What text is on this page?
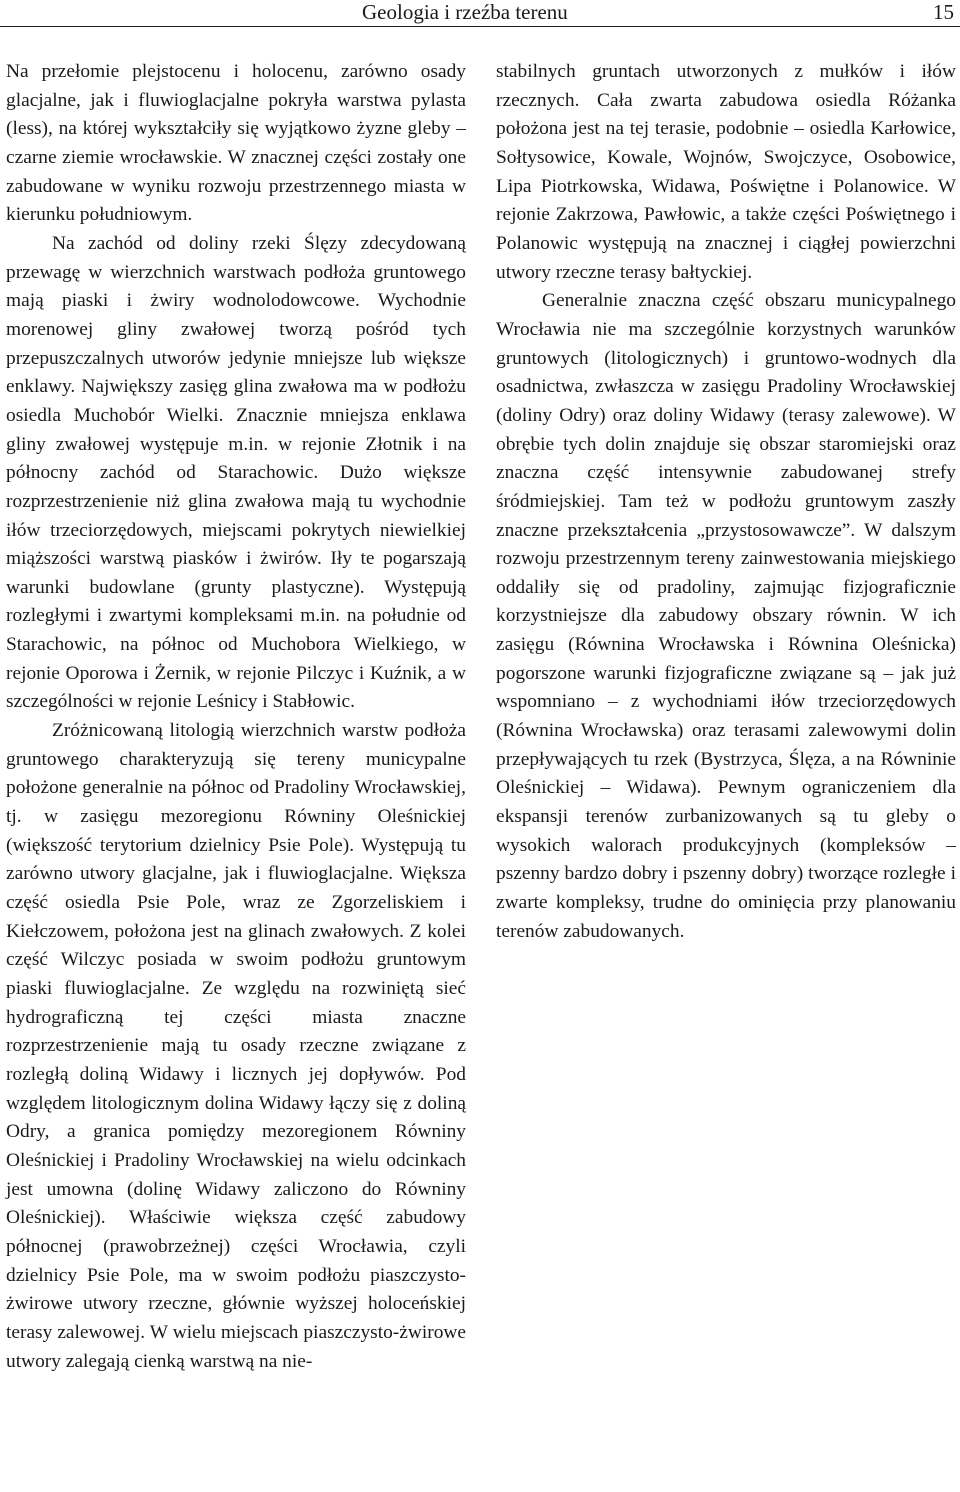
Geologia i rzeźba terenu	15

Na przełomie plejstocenu i holocenu, zarówno osady glacjalne, jak i fluwioglacjalne pokryła warstwa pylasta (less), na której wykształciły się wyjątkowo żyzne gleby – czarne ziemie wrocławskie. W znacznej części zostały one zabudowane w wyniku rozwoju przestrzennego miasta w kierunku południowym.

Na zachód od doliny rzeki Ślęzy zdecydowaną przewagę w wierzchnich warstwach podłoża gruntowego mają piaski i żwiry wodnolodowcowe. Wychodnie morenowej gliny zwałowej tworzą pośród tych przepuszczalnych utworów jedynie mniejsze lub większe enklawy. Największy zasięg glina zwałowa ma w podłożu osiedla Muchobór Wielki. Znacznie mniejsza enklawa gliny zwałowej występuje m.in. w rejonie Złotnik i na północny zachód od Starachowic. Dużo większe rozprzestrzenienie niż glina zwałowa mają tu wychodnie iłów trzeciorzędowych, miejscami pokrytych niewielkiej miąższości warstwą piasków i żwirów. Iły te pogarszają warunki budowlane (grunty plastyczne). Występują rozległymi i zwartymi kompleksami m.in. na południe od Starachowic, na północ od Muchobora Wielkiego, w rejonie Oporowa i Żernik, w rejonie Pilczyc i Kuźnik, a w szczególności w rejonie Leśnicy i Stabłowic.

Zróżnicowaną litologią wierzchnich warstw podłoża gruntowego charakteryzują się tereny municypalne położone generalnie na północ od Pradoliny Wrocławskiej, tj. w zasięgu mezoregionu Równiny Oleśnickiej (większość terytorium dzielnicy Psie Pole). Występują tu zarówno utwory glacjalne, jak i fluwioglacjalne. Większa część osiedla Psie Pole, wraz ze Zgorzeliskiem i Kiełczowem, położona jest na glinach zwałowych. Z kolei część Wilczyc posiada w swoim podłożu gruntowym piaski fluwioglacjalne. Ze względu na rozwiniętą sieć hydrograficzną tej części miasta znaczne rozprzestrzenienie mają tu osady rzeczne związane z rozległą doliną Widawy i licznych jej dopływów. Pod względem litologicznym dolina Widawy łączy się z doliną Odry, a granica pomiędzy mezoregionem Równiny Oleśnickiej i Pradoliny Wrocławskiej na wielu odcinkach jest umowna (dolinę Widawy zaliczono do Równiny Oleśnickiej). Właściwie większa część zabudowy północnej (prawobrzeżnej) części Wrocławia, czyli dzielnicy Psie Pole, ma w swoim podłożu piaszczysto-żwirowe utwory rzeczne, głównie wyższej holoceńskiej terasy zalewowej. W wielu miejscach piaszczysto-żwirowe utwory zalegają cienką warstwą na nie-

stabilnych gruntach utworzonych z mułków i iłów rzecznych. Cała zwarta zabudowa osiedla Różanka położona jest na tej terasie, podobnie – osiedla Karłowice, Sołtysowice, Kowale, Wojnów, Swojczyce, Osobowice, Lipa Piotrkowska, Widawa, Poświętne i Polanowice. W rejonie Zakrzowa, Pawłowic, a także części Poświętnego i Polanowic występują na znacznej i ciągłej powierzchni utwory rzeczne terasy bałtyckiej.

Generalnie znaczna część obszaru municypalnego Wrocławia nie ma szczególnie korzystnych warunków gruntowych (litologicznych) i gruntowo-wodnych dla osadnictwa, zwłaszcza w zasięgu Pradoliny Wrocławskiej (doliny Odry) oraz doliny Widawy (terasy zalewowe). W obrębie tych dolin znajduje się obszar staromiejski oraz znaczna część intensywnie zabudowanej strefy śródmiejskiej. Tam też w podłożu gruntowym zaszły znaczne przekształcenia „przystosowawcze”. W dalszym rozwoju przestrzennym tereny zainwestowania miejskiego oddaliły się od pradoliny, zajmując fizjograficznie korzystniejsze dla zabudowy obszary równin. W ich zasięgu (Równina Wrocławska i Równina Oleśnicka) pogorszone warunki fizjograficzne związane są – jak już wspomniano – z wychodniami iłów trzeciorzędowych (Równina Wrocławska) oraz terasami zalewowymi dolin przepływających tu rzek (Bystrzyca, Ślęza, a na Równinie Oleśnickiej – Widawa). Pewnym ograniczeniem dla ekspansji terenów zurbanizowanych są tu gleby o wysokich walorach produkcyjnych (kompleksów – pszenny bardzo dobry i pszenny dobry) tworzące rozległe i zwarte kompleksy, trudne do ominięcia przy planowaniu terenów zabudowanych.
